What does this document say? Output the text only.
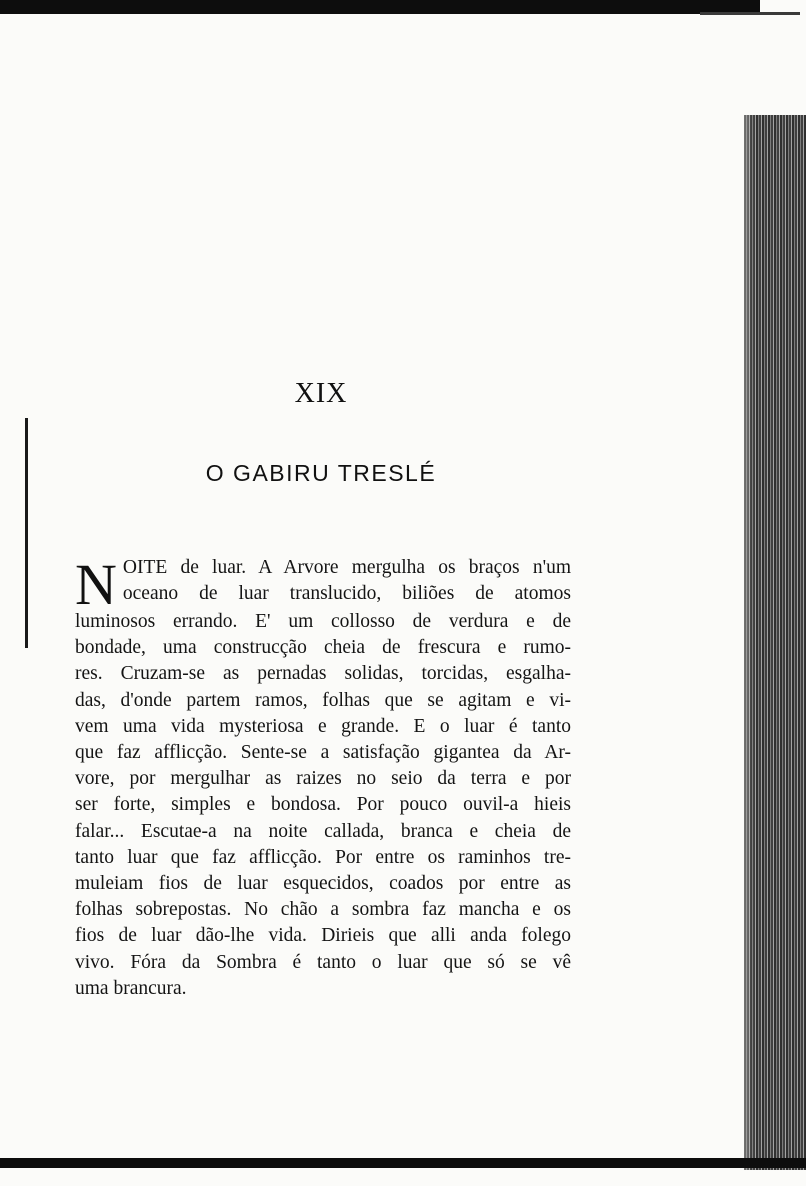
XIX
O GABIRU TRESLÉ
N OITE de luar. A Arvore mergulha os braços n'um
oceano de luar translucido, biliões de atomos
luminosos errando. E' um collosso de verdura e de
bondade, uma construcção cheia de frescura e rumo-
res. Cruzam-se as pernadas solidas, torcidas, esgalha-
das, d'onde partem ramos, folhas que se agitam e vi-
vem uma vida mysteriosa e grande. E o luar é tanto
que faz afflicção. Sente-se a satisfação gigantea da Ar-
vore, por mergulhar as raizes no seio da terra e por
ser forte, simples e bondosa. Por pouco ouvil-a hieis
falar... Escutae-a na noite callada, branca e cheia de
tanto luar que faz afflicção. Por entre os raminhos tre-
muleiam fios de luar esquecidos, coados por entre as
folhas sobrepostas. No chão a sombra faz mancha e os
fios de luar dão-lhe vida. Dirieis que alli anda folego
vivo. Fóra da Sombra é tanto o luar que só se vê
uma brancura.
